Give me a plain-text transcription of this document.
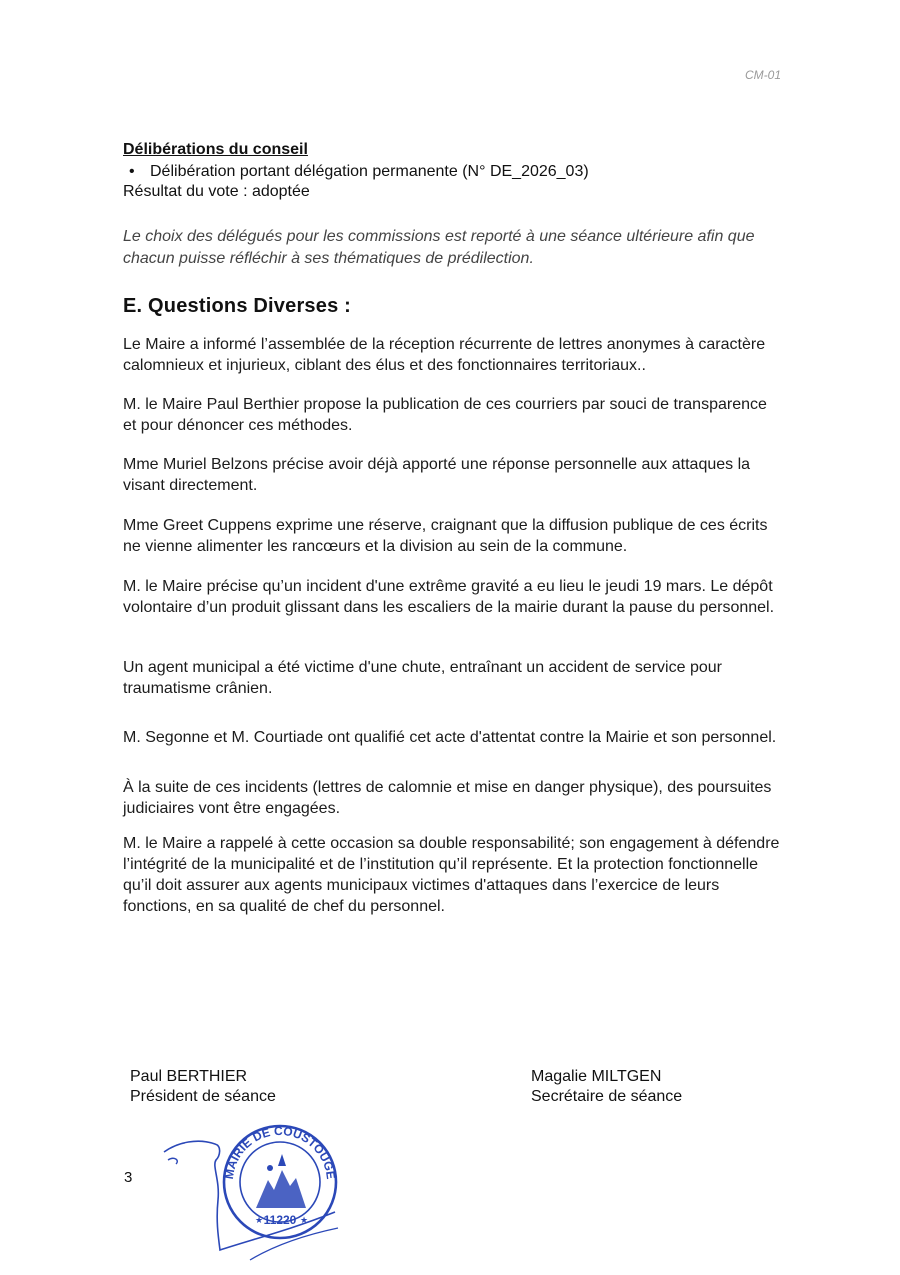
CM-01
Délibérations du conseil
• Délibération portant délégation permanente (N° DE_2026_03)
Résultat du vote : adoptée
Le choix des délégués pour les commissions est reporté à une séance ultérieure afin que chacun puisse réfléchir à ses thématiques de prédilection.
E. Questions Diverses :
Le Maire a informé l’assemblée de la réception récurrente de lettres anonymes à caractère calomnieux et injurieux, ciblant des élus et des fonctionnaires territoriaux..
M. le Maire Paul Berthier propose la publication de ces courriers par souci de transparence et pour dénoncer ces méthodes.
Mme Muriel Belzons précise avoir déjà apporté une réponse personnelle aux attaques la visant directement.
Mme Greet Cuppens exprime une réserve, craignant que la diffusion publique de ces écrits ne vienne alimenter les rancœurs et la division au sein de la commune.
M. le Maire précise qu’un incident d'une extrême gravité a eu lieu le jeudi 19 mars. Le dépôt volontaire d’un produit glissant dans les escaliers de la mairie durant la pause du personnel.
Un agent municipal a été victime d'une chute, entraînant un accident de service pour traumatisme crânien.
M. Segonne et M. Courtiade ont qualifié cet acte d'attentat contre la Mairie et son personnel.
À la suite de ces incidents (lettres de calomnie et mise en danger physique), des poursuites judiciaires vont être engagées.
M. le Maire a rappelé à cette occasion sa double responsabilité; son engagement à défendre l’intégrité de la municipalité et de l’institution qu’il représente. Et la protection fonctionnelle qu’il doit assurer aux agents municipaux victimes d'attaques dans l’exercice de leurs fonctions, en sa qualité de chef du personnel.
Paul BERTHIER
Président de séance
Magalie MILTGEN
Secrétaire de séance
3	MAIRIE DE COUSTOUGE
11220
★	★
